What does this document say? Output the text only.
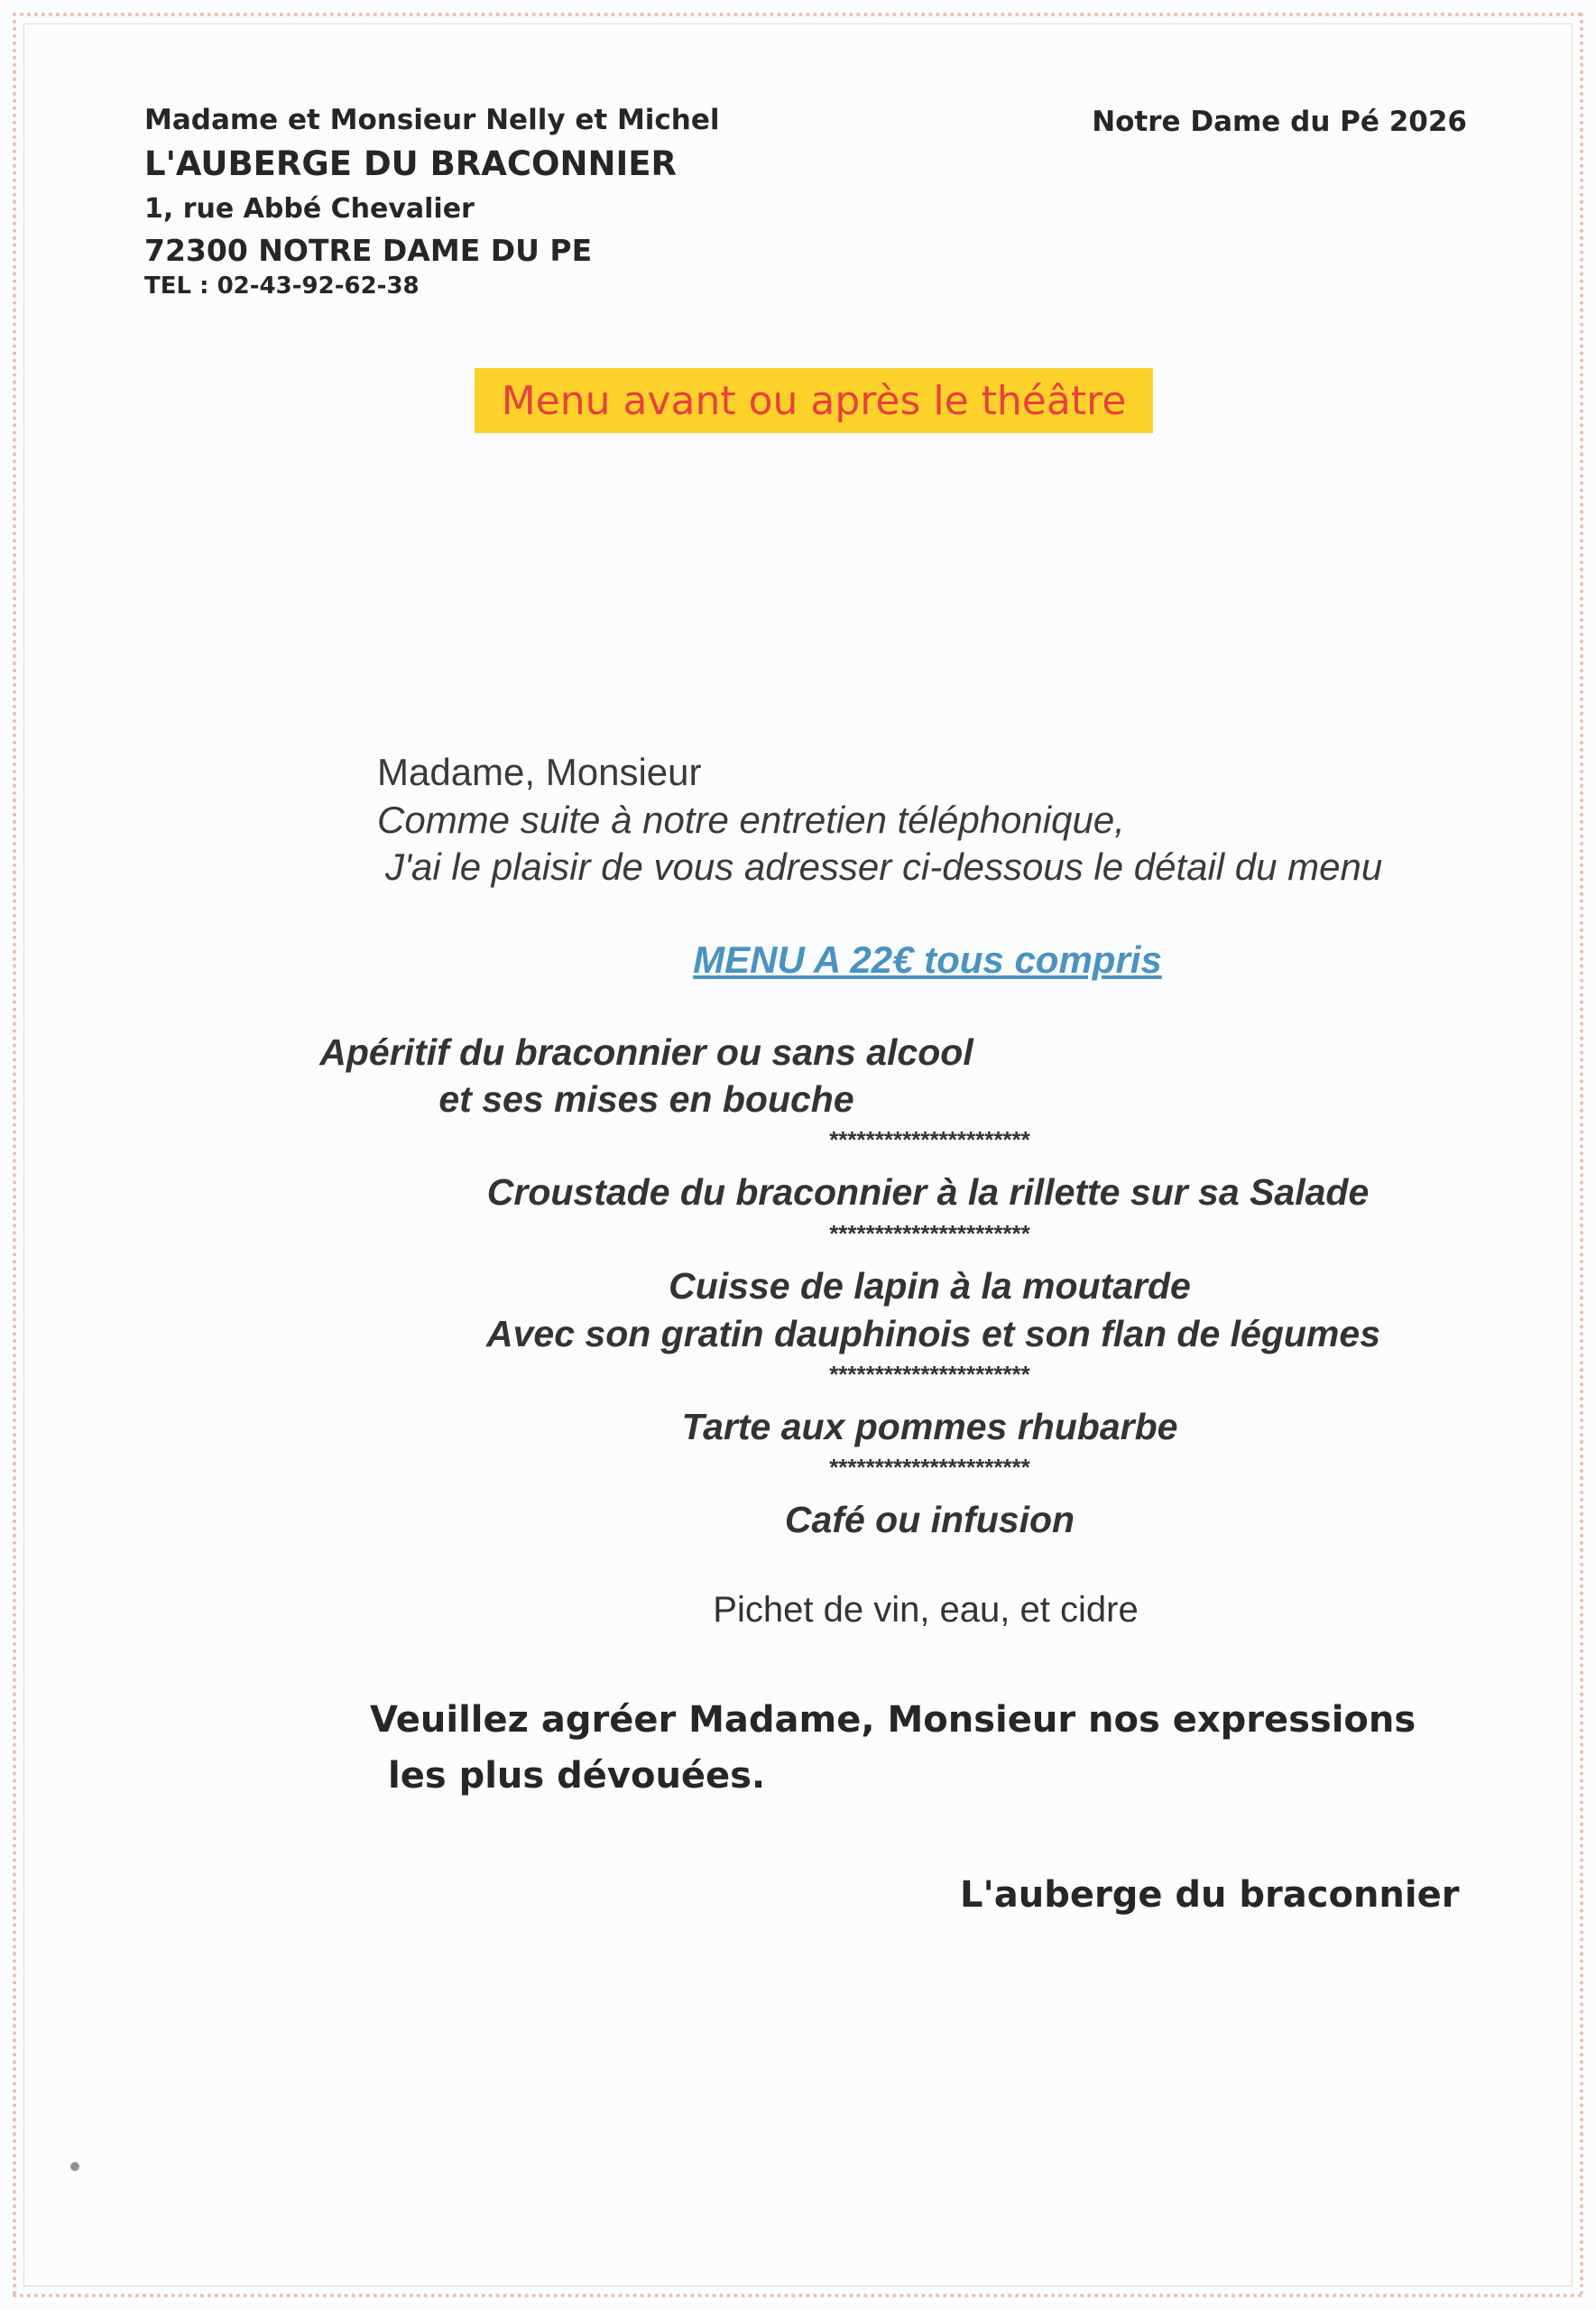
Madame et Monsieur Nelly et Michel
L'AUBERGE DU BRACONNIER
1, rue Abbé Chevalier
72300 NOTRE DAME DU PE
TEL : 02-43-92-62-38
Notre Dame du Pé 2026
Menu avant ou après le théâtre
Madame, Monsieur
Comme suite à notre entretien téléphonique,
J'ai le plaisir de vous adresser ci-dessous le détail du menu
MENU A 22€ tous compris
Apéritif du braconnier ou sans alcool
et ses mises en bouche
**********************
Croustade du braconnier à la rillette sur sa Salade
**********************
Cuisse de lapin à la moutarde
Avec son gratin dauphinois et son flan de légumes
**********************
Tarte aux pommes rhubarbe
**********************
Café ou infusion
Pichet de vin, eau, et cidre
Veuillez agréer Madame, Monsieur nos expressions
les plus dévouées.
L'auberge du braconnier
